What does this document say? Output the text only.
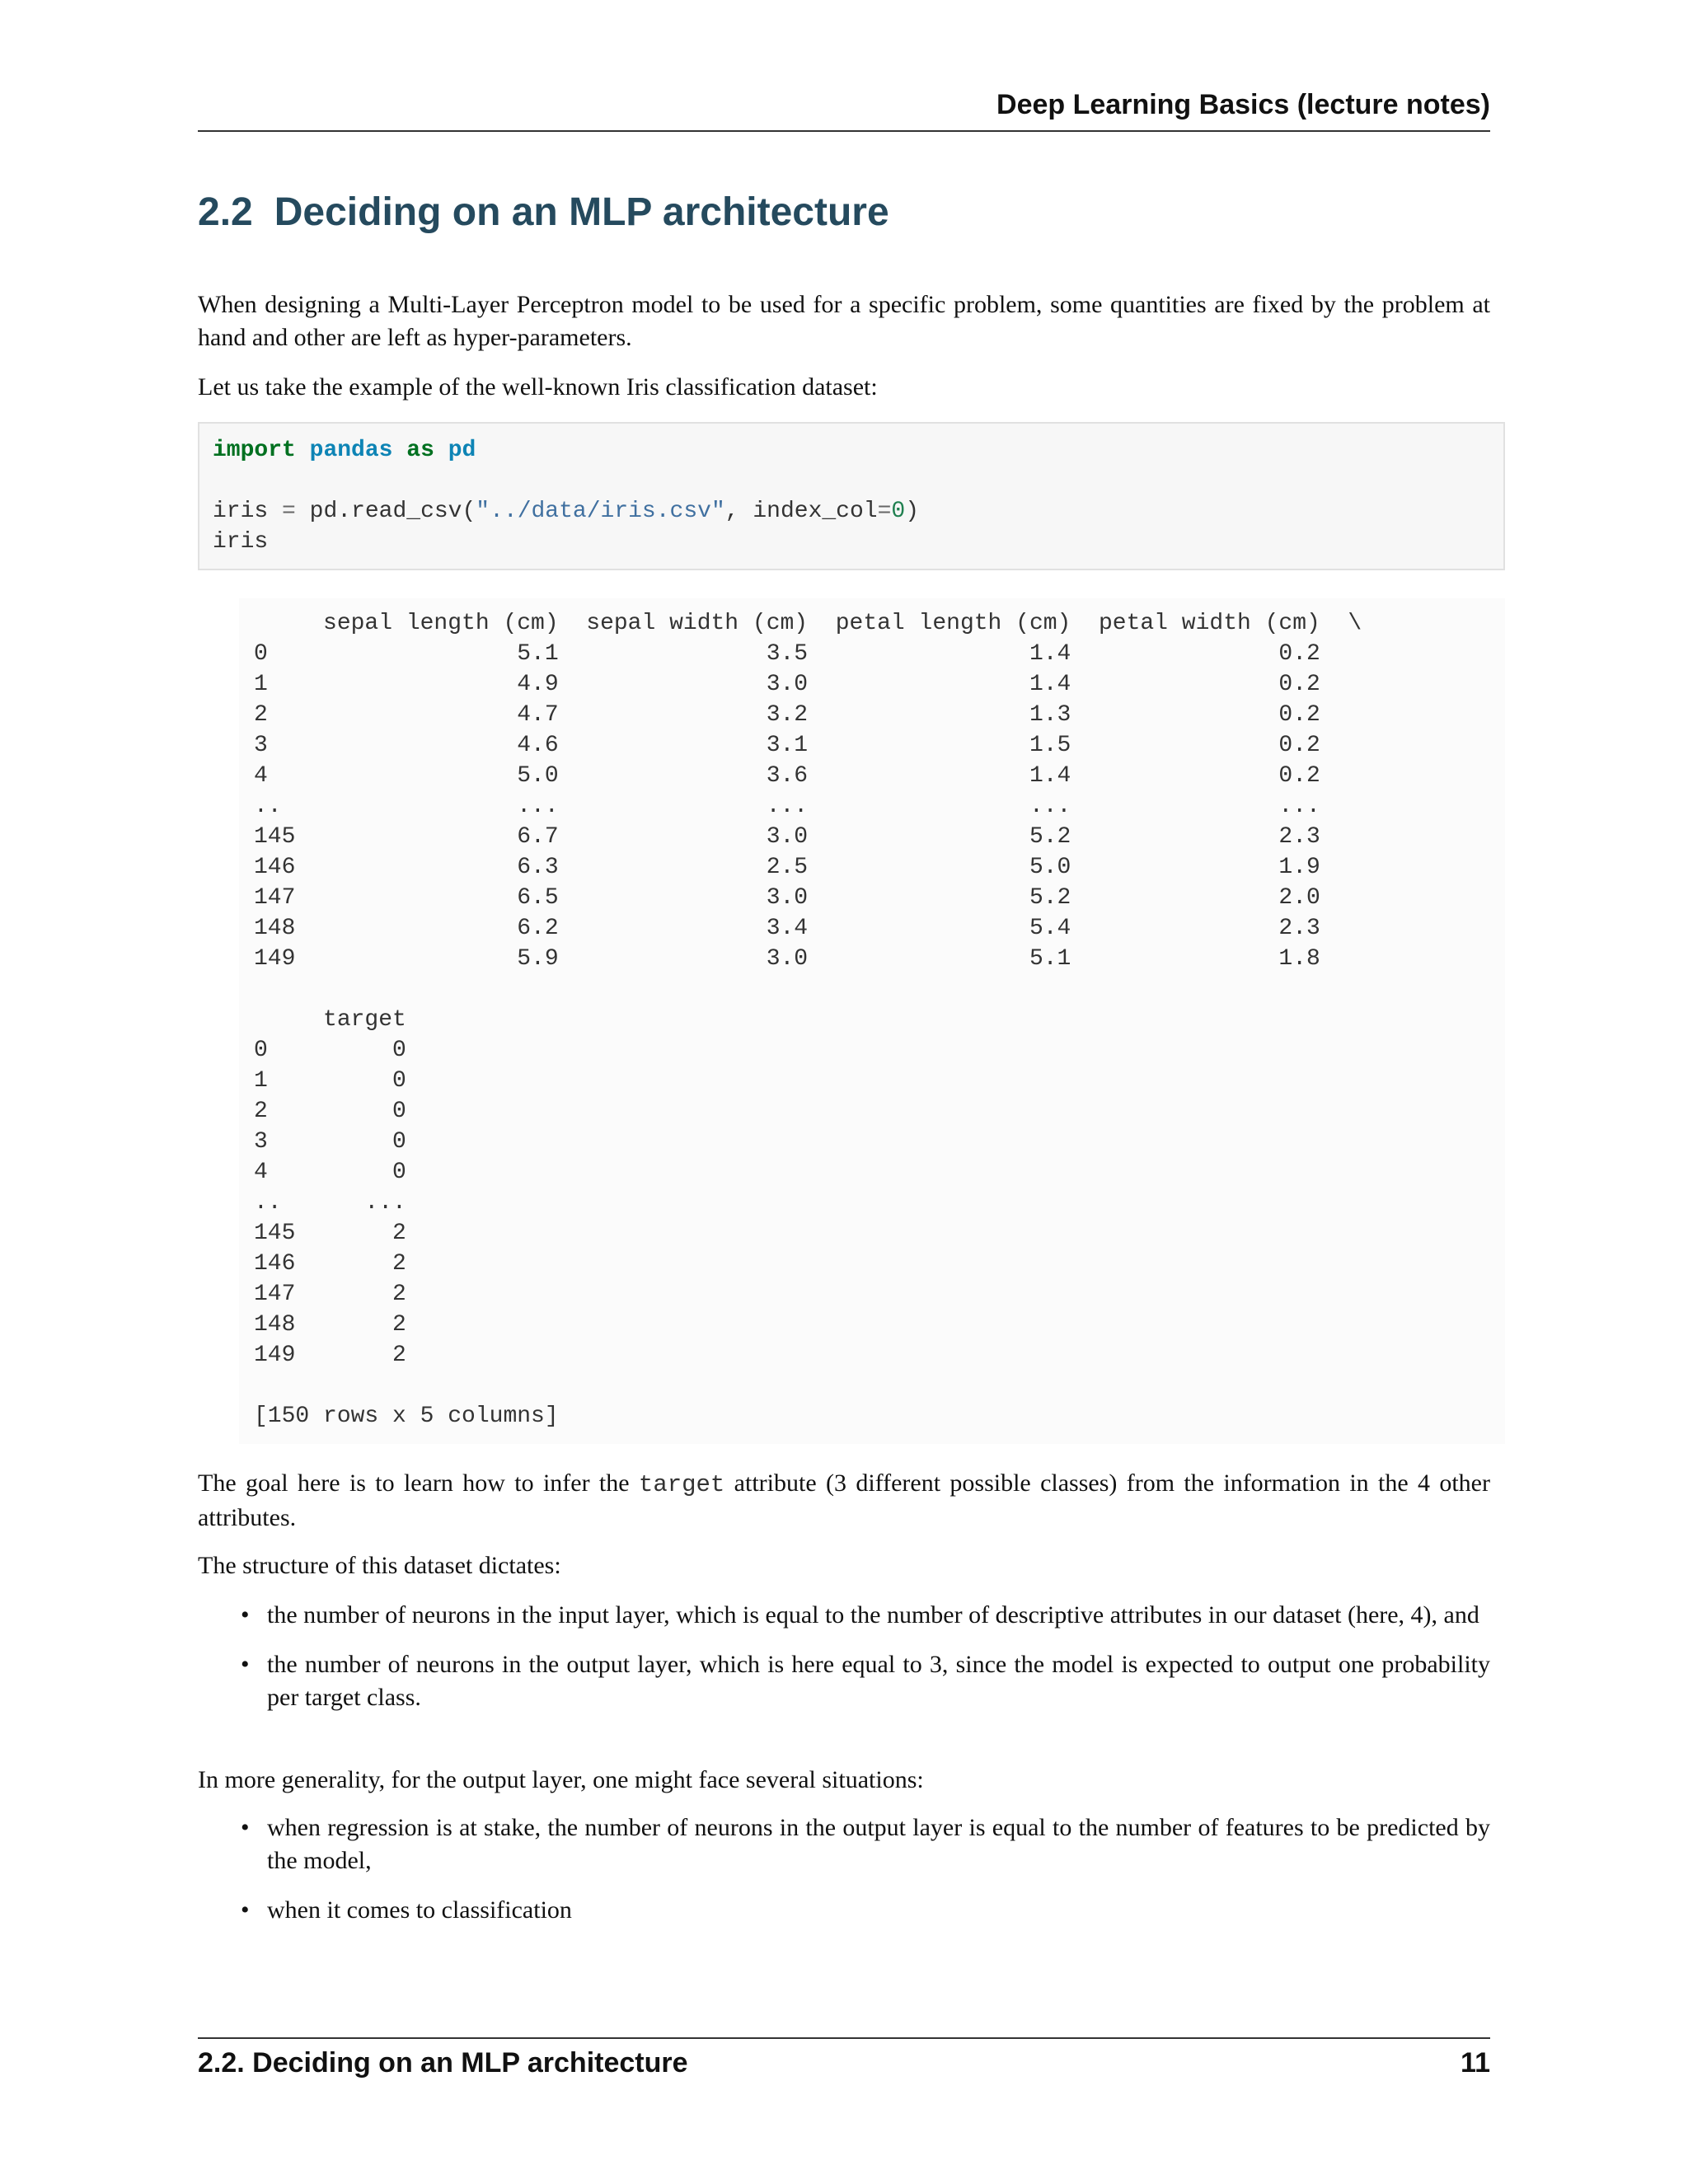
Deep Learning Basics (lecture notes)
2.2 Deciding on an MLP architecture

When designing a Multi-Layer Perceptron model to be used for a specific problem, some quantities are fixed by the problem at hand and other are left as hyper-parameters.

Let us take the example of the well-known Iris classification dataset:

import pandas as pd

iris = pd.read_csv("../data/iris.csv", index_col=0)
iris
sepal length (cm)  sepal width (cm)  petal length (cm)  petal width (cm)  \
0                  5.1               3.5                1.4               0.2
1                  4.9               3.0                1.4               0.2
2                  4.7               3.2                1.3               0.2
3                  4.6               3.1                1.5               0.2
4                  5.0               3.6                1.4               0.2
..                 ...               ...                ...               ...
145                6.7               3.0                5.2               2.3
146                6.3               2.5                5.0               1.9
147                6.5               3.0                5.2               2.0
148                6.2               3.4                5.4               2.3
149                5.9               3.0                5.1               1.8

target
0         0
1         0
2         0
3         0
4         0
..      ...
145       2
146       2
147       2
148       2
149       2

[150 rows x 5 columns]

The goal here is to learn how to infer the target attribute (3 different possible classes) from the information in the 4 other attributes.

The structure of this dataset dictates:

• the number of neurons in the input layer, which is equal to the number of descriptive attributes in our dataset (here, 4), and
• the number of neurons in the output layer, which is here equal to 3, since the model is expected to output one probability per target class.

In more generality, for the output layer, one might face several situations:

• when regression is at stake, the number of neurons in the output layer is equal to the number of features to be predicted by the model,
• when it comes to classification
2.2. Deciding on an MLP architecture	11
